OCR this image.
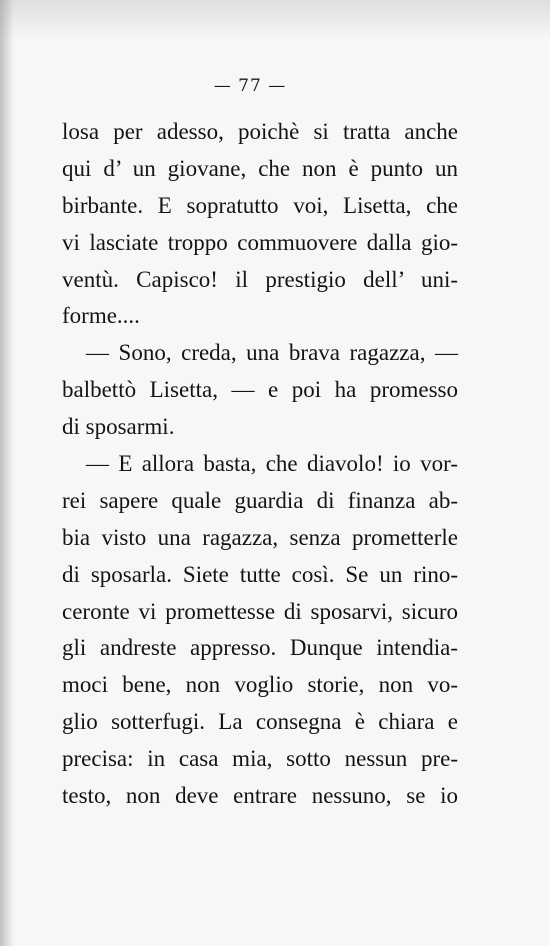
— 77 —
losa per adesso, poichè si tratta anche
qui d’ un giovane, che non è punto un
birbante. E sopratutto voi, Lisetta, che
vi lasciate troppo commuovere dalla gio-
ventù. Capisco! il prestigio dell’ uni-
forme....
— Sono, creda, una brava ragazza, —
balbettò Lisetta, — e poi ha promesso
di sposarmi.
— E allora basta, che diavolo! io vor-
rei sapere quale guardia di finanza ab-
bia visto una ragazza, senza prometterle
di sposarla. Siete tutte così. Se un rino-
ceronte vi promettesse di sposarvi, sicuro
gli andreste appresso. Dunque intendia-
moci bene, non voglio storie, non vo-
glio sotterfugi. La consegna è chiara e
precisa: in casa mia, sotto nessun pre-
testo, non deve entrare nessuno, se io
